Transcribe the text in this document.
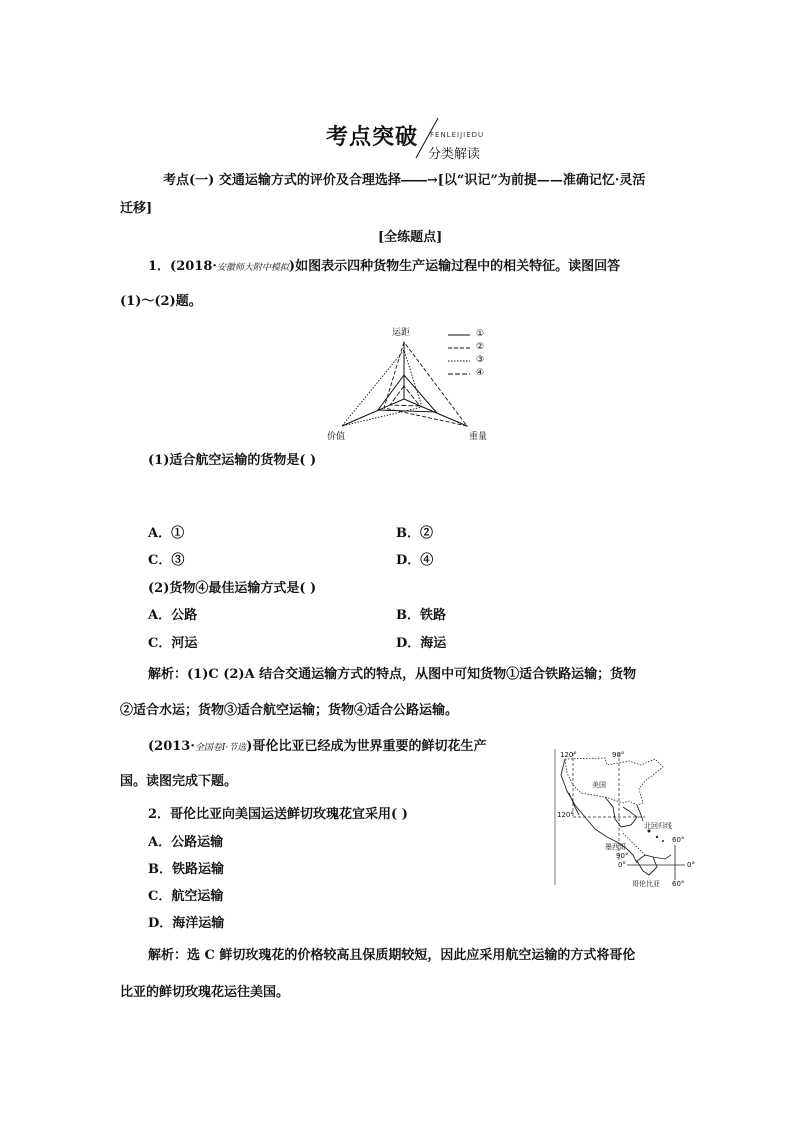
考点突破 FENLEIJIEDU
分类解读
考点(一) 交通运输方式的评价及合理选择――→[以“识记”为前提——准确记忆·灵活
迁移]
[全练题点]
1．(2018·安徽师大附中模拟)如图表示四种货物生产运输过程中的相关特征。读图回答
(1)～(2)题。
运距
价值	重量
①
②
③
④
(1)适合航空运输的货物是( )
A．①	B．②
C．③	D．④
(2)货物④最佳运输方式是( )
A．公路	B．铁路
C．河运	D．海运
解析：(1)C (2)A 结合交通运输方式的特点，从图中可知货物①适合铁路运输；货物
②适合水运；货物③适合航空运输；货物④适合公路运输。
(2013·全国卷Ⅰ·节选)哥伦比亚已经成为世界重要的鲜切花生产
国。读图完成下题。
2．哥伦比亚向美国运送鲜切玫瑰花宜采用( )
A．公路运输
B．铁路运输
C．航空运输
D．海洋运输
120°	90°
美国
120°
北回归线
墨西哥
90°
60°
0°	0°
60°
哥伦比亚
解析：选 C 鲜切玫瑰花的价格较高且保质期较短，因此应采用航空运输的方式将哥伦
比亚的鲜切玫瑰花运往美国。
